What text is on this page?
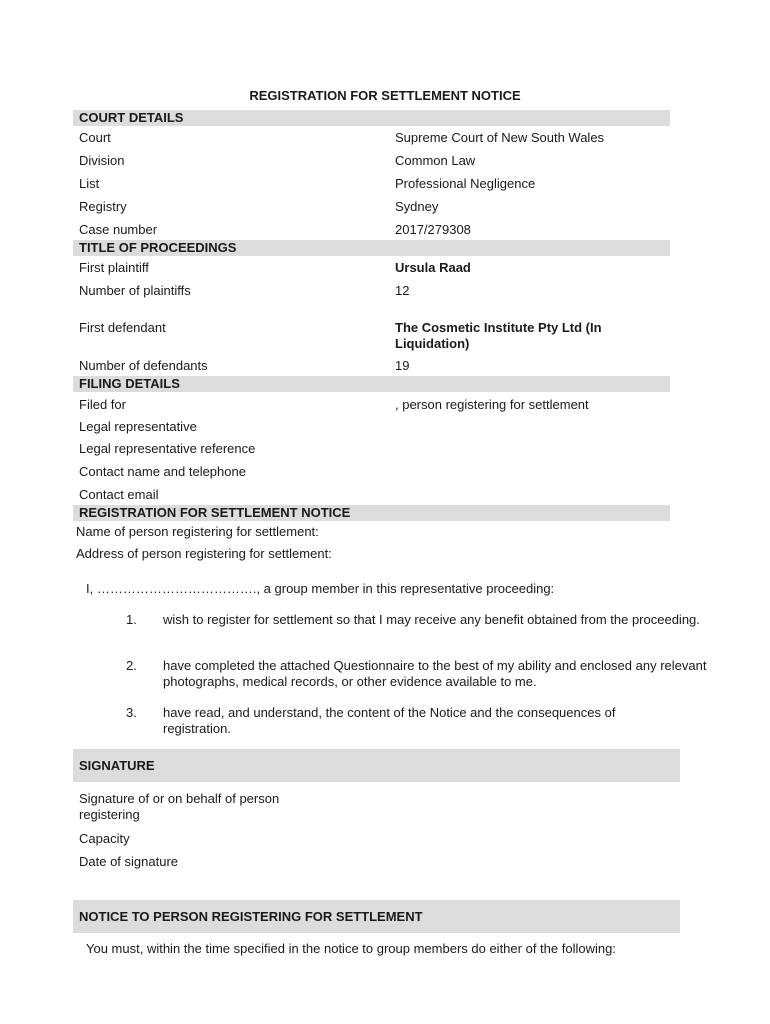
REGISTRATION FOR SETTLEMENT NOTICE
COURT DETAILS
Court	Supreme Court of New South Wales
Division	Common Law
List	Professional Negligence
Registry	Sydney
Case number	2017/279308
TITLE OF PROCEEDINGS
First plaintiff	Ursula Raad
Number of plaintiffs	12
First defendant	The Cosmetic Institute Pty Ltd (In Liquidation)
Number of defendants	19
FILING DETAILS
Filed for	, person registering for settlement
Legal representative
Legal representative reference
Contact name and telephone
Contact email
REGISTRATION FOR SETTLEMENT NOTICE
Name of person registering for settlement:
Address of person registering for settlement:
I, ………………………………., a group member in this representative proceeding:
1.	wish to register for settlement so that I may receive any benefit obtained from the proceeding.
2.	have completed the attached Questionnaire to the best of my ability and enclosed any relevant photographs, medical records, or other evidence available to me.
3.	have read, and understand, the content of the Notice and the consequences of registration.
SIGNATURE
Signature of or on behalf of person registering
Capacity
Date of signature
NOTICE TO PERSON REGISTERING FOR SETTLEMENT
You must, within the time specified in the notice to group members do either of the following:
